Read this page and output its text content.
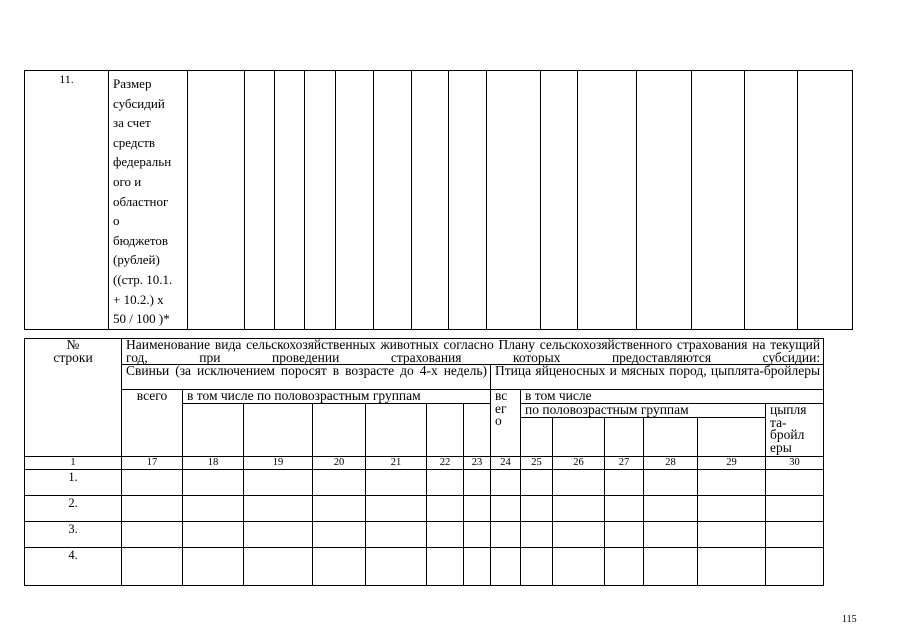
11.	Размер
субсидий
за счет
средств
федеральн
ого и
областног
о
бюджетов
(рублей)
((стр. 10.1.
+ 10.2.) х
50 / 100 )*

№
строки	Наименование вида сельскохозяйственных животных согласно Плану сельскохозяйственного страхования на текущий год, при проведении страхования которых предоставляются субсидии:													
	Свиньи (за исключением поросят в возрасте до 4-х недель)							Птица яйценосных и мясных пород, цыплята-бройлеры						
	всего	в том числе по половозрастным группам						вс
ег
о	в том числе					
									по половозрастным группам					цыпля
та-
бройл
еры

1	17	18	19	20	21	22	23	24	25	26	27	28	29	30
1.														
2.														
3.														
4.														
115
